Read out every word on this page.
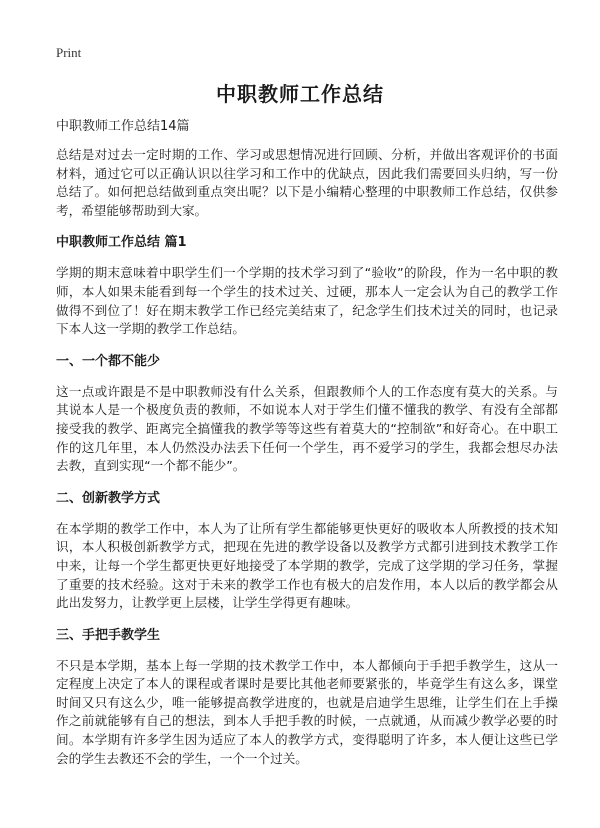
Print
中职教师工作总结
中职教师工作总结14篇

总结是对过去一定时期的工作、学习或思想情况进行回顾、分析，并做出客观评价的书面材料，通过它可以正确认识以往学习和工作中的优缺点，因此我们需要回头归纳，写一份总结了。如何把总结做到重点突出呢？以下是小编精心整理的中职教师工作总结，仅供参考，希望能够帮助到大家。

中职教师工作总结 篇1

学期的期末意味着中职学生们一个学期的技术学习到了“验收”的阶段，作为一名中职的教师，本人如果未能看到每一个学生的技术过关、过硬，那本人一定会认为自己的教学工作做得不到位了！好在期末教学工作已经完美结束了，纪念学生们技术过关的同时，也记录下本人这一学期的教学工作总结。

一、一个都不能少

这一点或许跟是不是中职教师没有什么关系，但跟教师个人的工作态度有莫大的关系。与其说本人是一个极度负责的教师，不如说本人对于学生们懂不懂我的教学、有没有全部都接受我的教学、距离完全搞懂我的教学等等这些有着莫大的“控制欲”和好奇心。在中职工作的这几年里，本人仍然没办法丢下任何一个学生，再不爱学习的学生，我都会想尽办法去教，直到实现“一个都不能少”。

二、创新教学方式

在本学期的教学工作中，本人为了让所有学生都能够更快更好的吸收本人所教授的技术知识，本人积极创新教学方式，把现在先进的教学设备以及教学方式都引进到技术教学工作中来，让每一个学生都更快更好地接受了本学期的教学，完成了这学期的学习任务，掌握了重要的技术经验。这对于未来的教学工作也有极大的启发作用，本人以后的教学都会从此出发努力，让教学更上层楼，让学生学得更有趣味。

三、手把手教学生

不只是本学期，基本上每一学期的技术教学工作中，本人都倾向于手把手教学生，这从一定程度上决定了本人的课程或者课时是要比其他老师要紧张的，毕竟学生有这么多，课堂时间又只有这么少，唯一能够提高教学进度的，也就是启迪学生思维，让学生们在上手操作之前就能够有自己的想法，到本人手把手教的时候，一点就通，从而减少教学必要的时间。本学期有许多学生因为适应了本人的教学方式，变得聪明了许多，本人便让这些已学会的学生去教还不会的学生，一个一个过关。
